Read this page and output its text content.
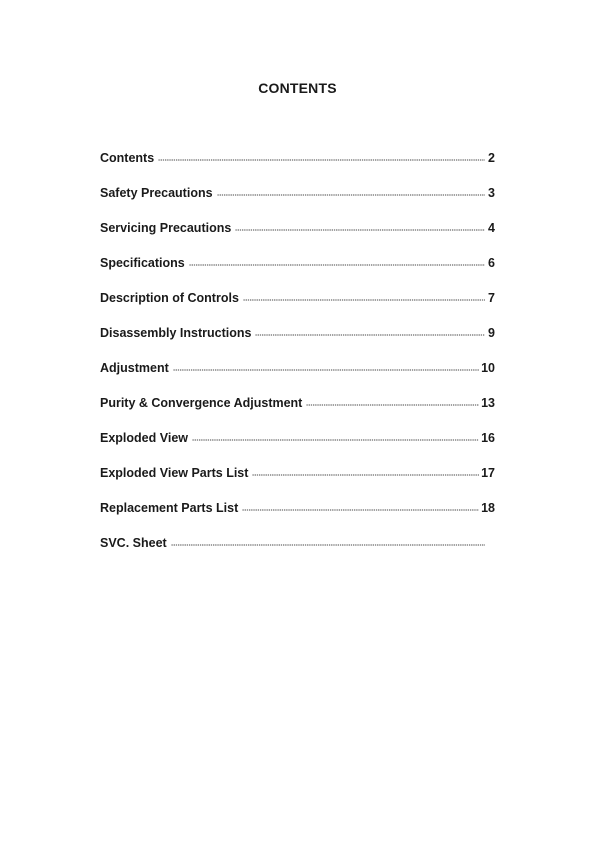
CONTENTS
Contents	2
Safety Precautions	3
Servicing Precautions	4
Specifications	6
Description of Controls	7
Disassembly Instructions	9
Adjustment	10
Purity & Convergence Adjustment	13
Exploded View	16
Exploded View Parts List	17
Replacement Parts List	18
SVC. Sheet
